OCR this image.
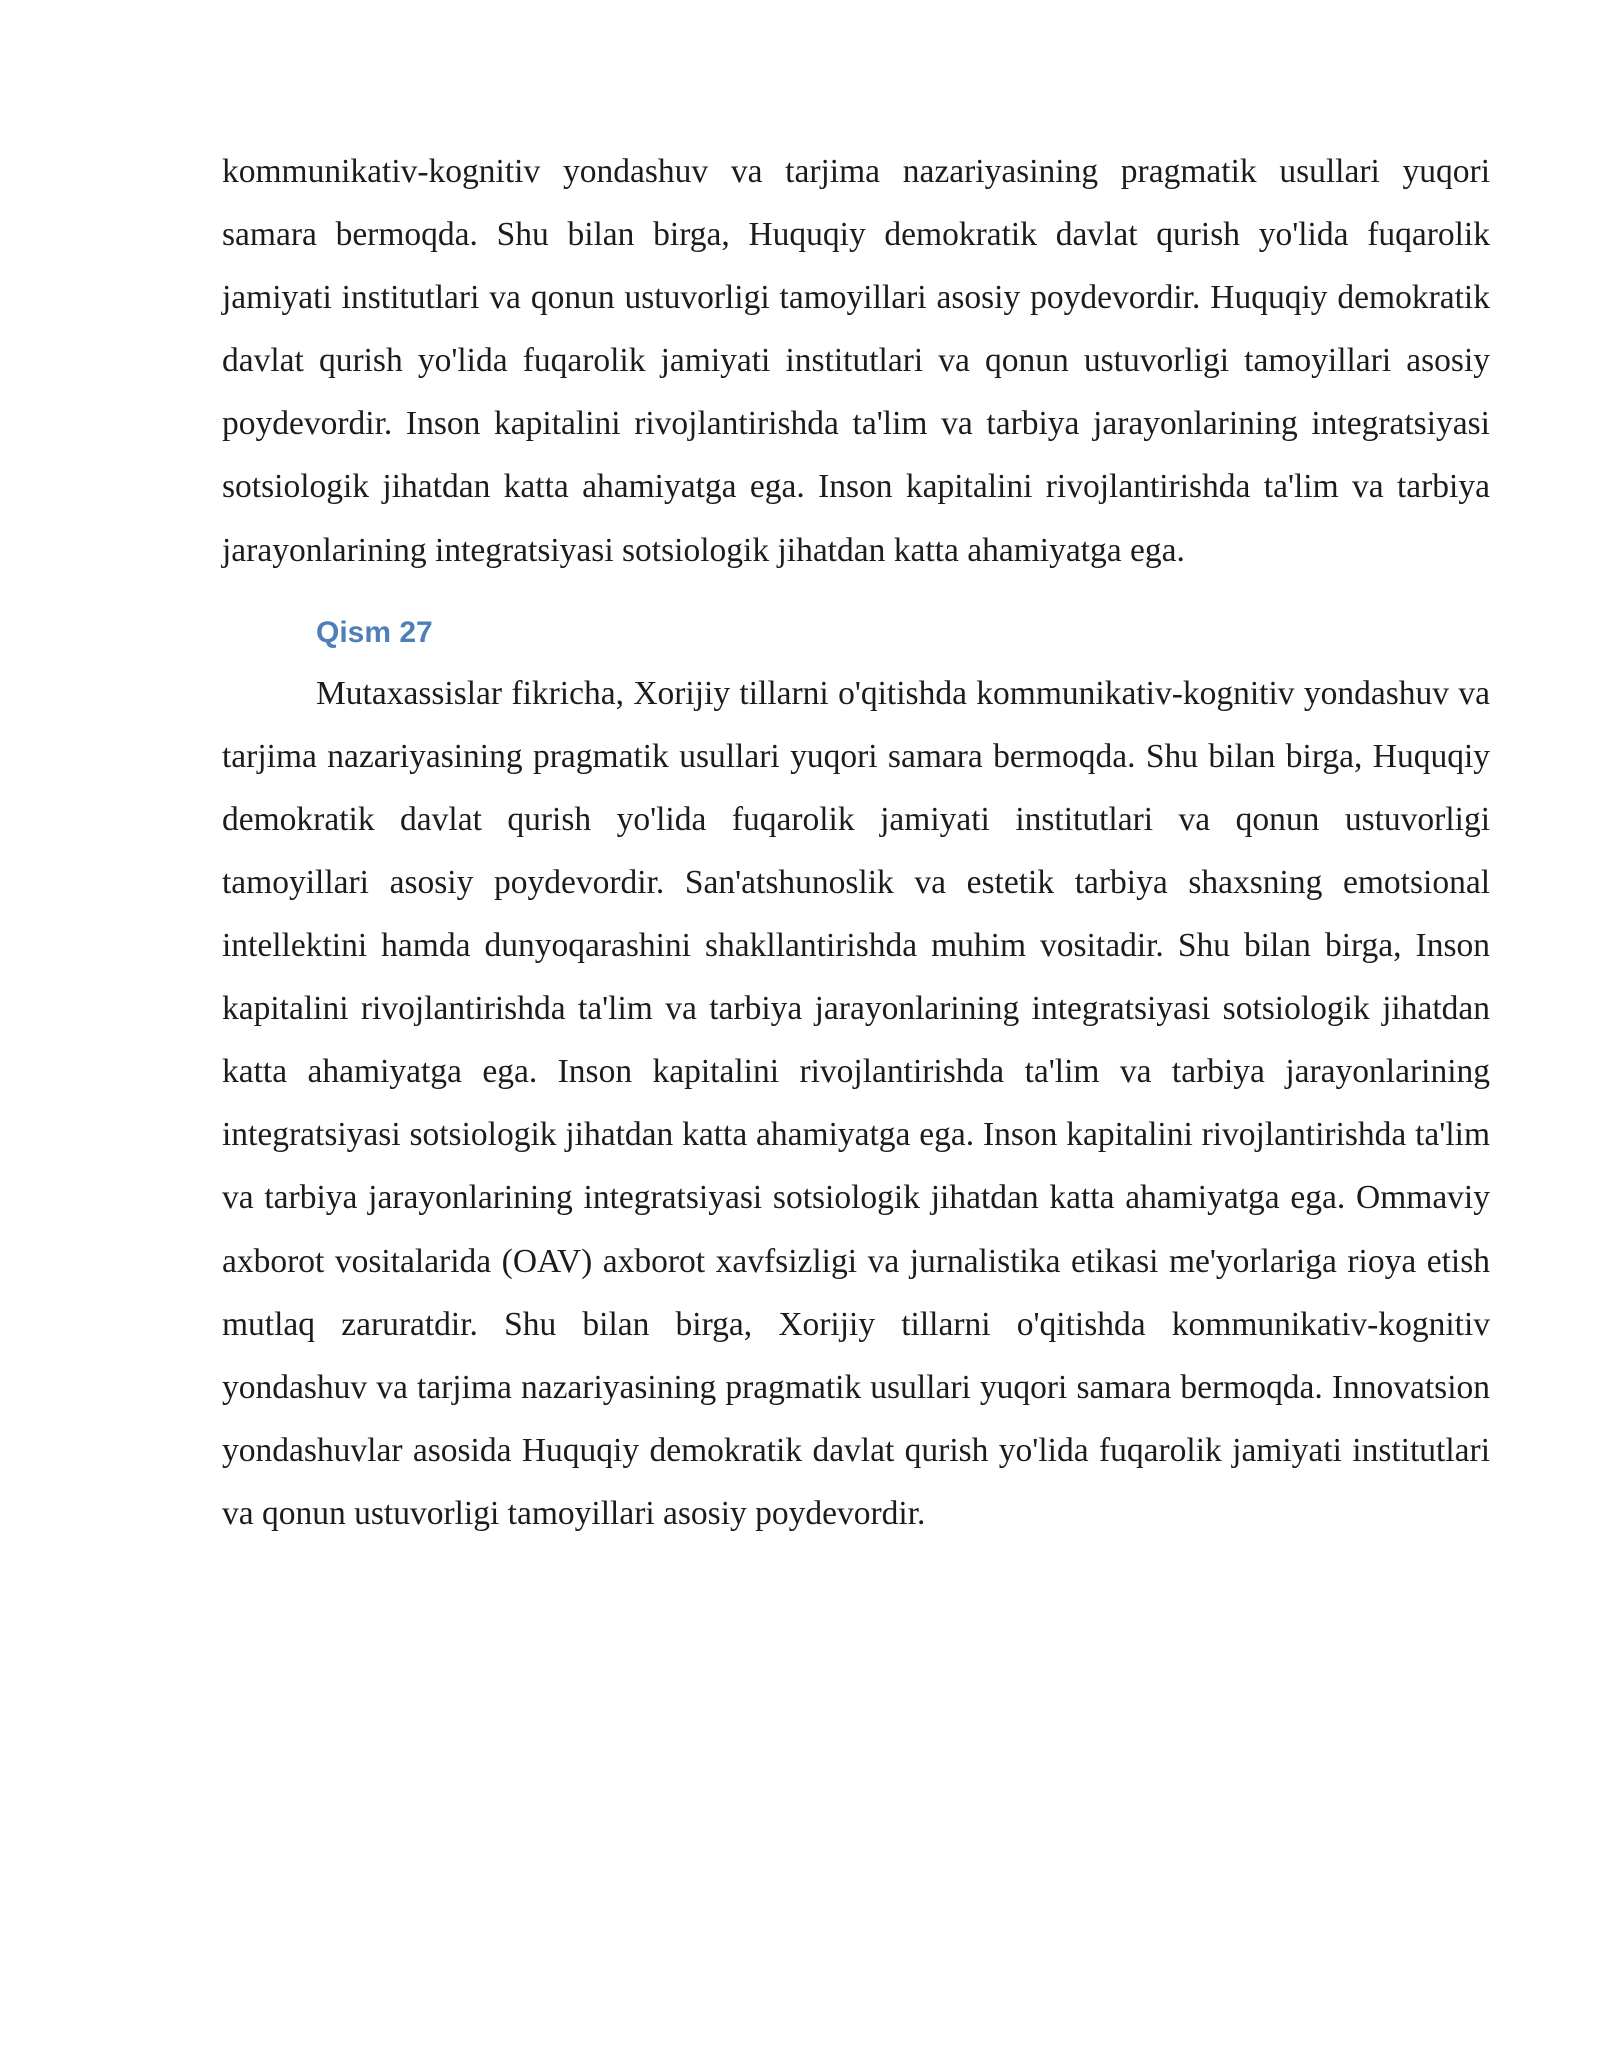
kommunikativ-kognitiv yondashuv va tarjima nazariyasining pragmatik usullari yuqori samara bermoqda. Shu bilan birga, Huquqiy demokratik davlat qurish yo'lida fuqarolik jamiyati institutlari va qonun ustuvorligi tamoyillari asosiy poydevordir. Huquqiy demokratik davlat qurish yo'lida fuqarolik jamiyati institutlari va qonun ustuvorligi tamoyillari asosiy poydevordir. Inson kapitalini rivojlantirishda ta'lim va tarbiya jarayonlarining integratsiyasi sotsiologik jihatdan katta ahamiyatga ega. Inson kapitalini rivojlantirishda ta'lim va tarbiya jarayonlarining integratsiyasi sotsiologik jihatdan katta ahamiyatga ega.

Qism 27

Mutaxassislar fikricha, Xorijiy tillarni o'qitishda kommunikativ-kognitiv yondashuv va tarjima nazariyasining pragmatik usullari yuqori samara bermoqda. Shu bilan birga, Huquqiy demokratik davlat qurish yo'lida fuqarolik jamiyati institutlari va qonun ustuvorligi tamoyillari asosiy poydevordir. San'atshunoslik va estetik tarbiya shaxsning emotsional intellektini hamda dunyoqarashini shakllantirishda muhim vositadir. Shu bilan birga, Inson kapitalini rivojlantirishda ta'lim va tarbiya jarayonlarining integratsiyasi sotsiologik jihatdan katta ahamiyatga ega. Inson kapitalini rivojlantirishda ta'lim va tarbiya jarayonlarining integratsiyasi sotsiologik jihatdan katta ahamiyatga ega. Inson kapitalini rivojlantirishda ta'lim va tarbiya jarayonlarining integratsiyasi sotsiologik jihatdan katta ahamiyatga ega. Ommaviy axborot vositalarida (OAV) axborot xavfsizligi va jurnalistika etikasi me'yorlariga rioya etish mutlaq zaruratdir. Shu bilan birga, Xorijiy tillarni o'qitishda kommunikativ-kognitiv yondashuv va tarjima nazariyasining pragmatik usullari yuqori samara bermoqda. Innovatsion yondashuvlar asosida Huquqiy demokratik davlat qurish yo'lida fuqarolik jamiyati institutlari va qonun ustuvorligi tamoyillari asosiy poydevordir.
